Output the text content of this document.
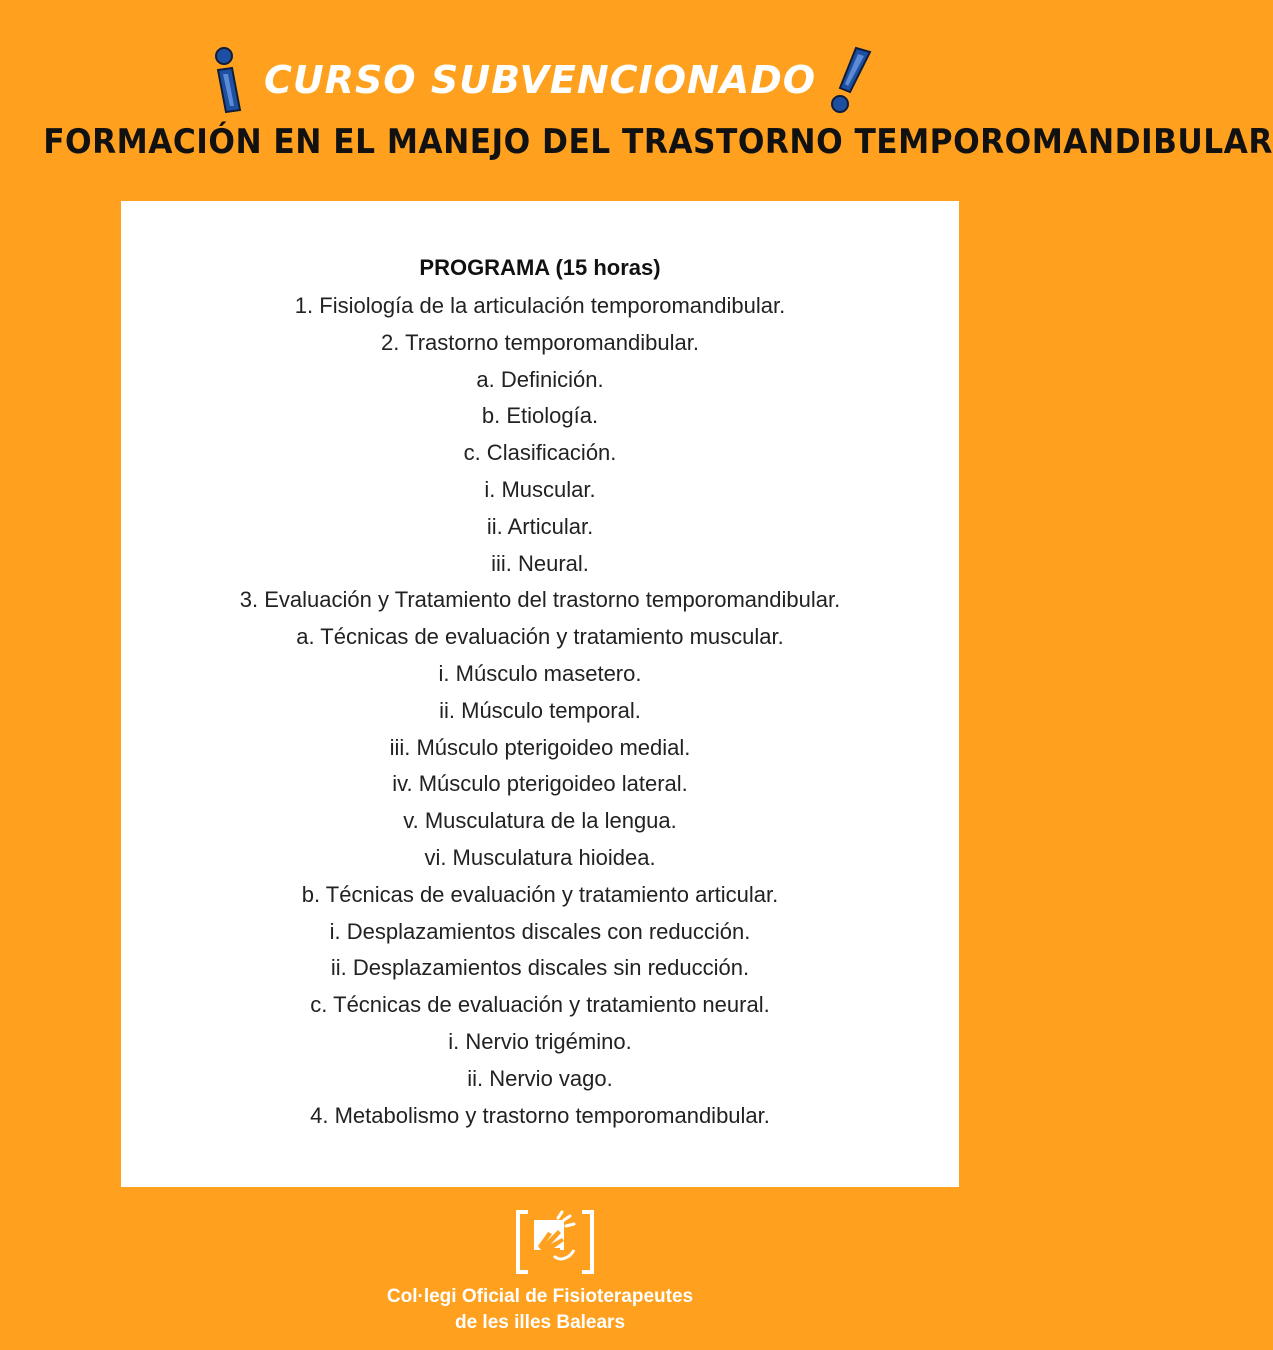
CURSO SUBVENCIONADO
FORMACIÓN EN EL MANEJO DEL TRASTORNO TEMPOROMANDIBULAR
PROGRAMA (15 horas)
1. Fisiología de la articulación temporomandibular.
2. Trastorno temporomandibular.
a. Definición.
b. Etiología.
c. Clasificación.
i. Muscular.
ii. Articular.
iii. Neural.
3. Evaluación y Tratamiento del trastorno temporomandibular.
a. Técnicas de evaluación y tratamiento muscular.
i. Músculo masetero.
ii. Músculo temporal.
iii. Músculo pterigoideo medial.
iv. Músculo pterigoideo lateral.
v. Musculatura de la lengua.
vi. Musculatura hioidea.
b. Técnicas de evaluación y tratamiento articular.
i. Desplazamientos discales con reducción.
ii. Desplazamientos discales sin reducción.
c. Técnicas de evaluación y tratamiento neural.
i. Nervio trigémino.
ii. Nervio vago.
4. Metabolismo y trastorno temporomandibular.
Col·legi Oficial de Fisioterapeutes
de les illes Balears
